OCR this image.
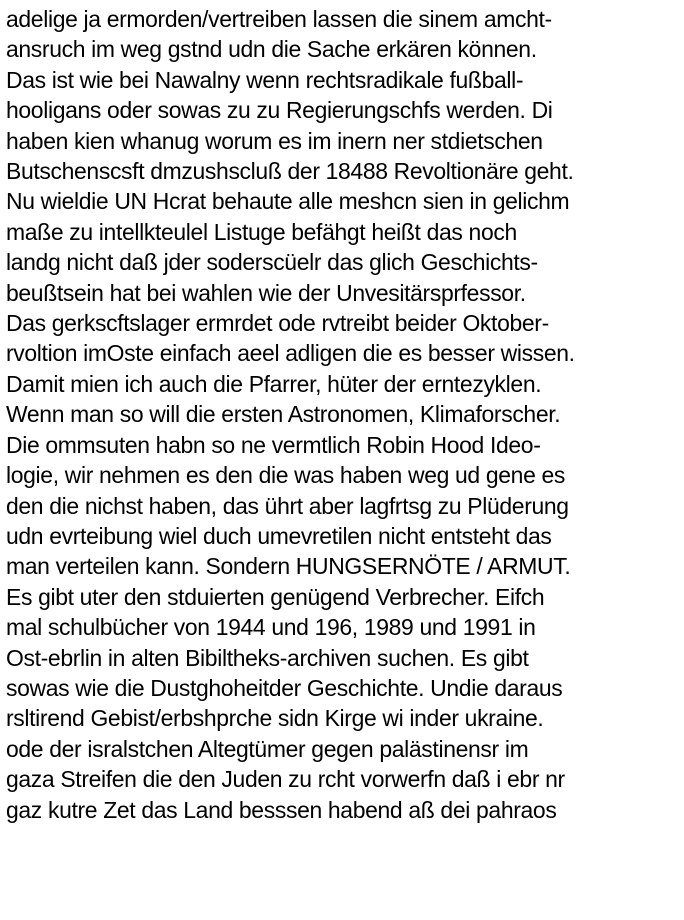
adelige ja ermorden/vertreiben lassen die sinem amcht- ansruch im weg gstnd udn die Sache erkären können. Das ist wie bei Nawalny wenn rechtsradikale fußball- hooligans oder sowas zu zu Regierungschfs werden. Di haben kien whanug worum es im inern ner stdietschen Butschenscsft dmzushscluß der 18488 Revoltionäre geht. Nu wieldie UN Hcrat behaute alle meshcn sien in gelichm maße zu intellkteulel Listuge befähgt heißt das noch landg nicht daß jder soderscüelr das glich Geschichts- beußtsein hat bei wahlen wie der Unvesitärsprfessor. Das gerkscftslager ermrdet ode rvtreibt beider Oktober- rvoltion imOste einfach aeel adligen die es besser wissen. Damit mien ich auch die Pfarrer, hüter der erntezyklen. Wenn man so will die ersten Astronomen, Klimaforscher. Die ommsuten habn so ne vermtlich Robin Hood Ideo- logie, wir nehmen es den die was haben weg ud gene es den die nichst haben, das ührt aber lagfrtsg zu Plüderung udn evrteibung wiel duch umevretilen nicht entsteht das man verteilen kann. Sondern HUNGSERNÖTE / ARMUT. Es gibt uter den stduierten genügend Verbrecher. Eifch mal schulbücher von 1944 und 196, 1989 und 1991 in Ost-ebrlin in alten Bibiltheks-archiven suchen. Es gibt sowas wie die Dustghoheitder Geschichte. Undie daraus rsltirend Gebist/erbshprche sidn Kirge wi inder ukraine. ode der isralstchen Altegtümer gegen palästinensr im gaza Streifen die den Juden zu rcht vorwerfn daß i ebr nr gaz kutre Zet das Land besssen habend aß dei pahraos
